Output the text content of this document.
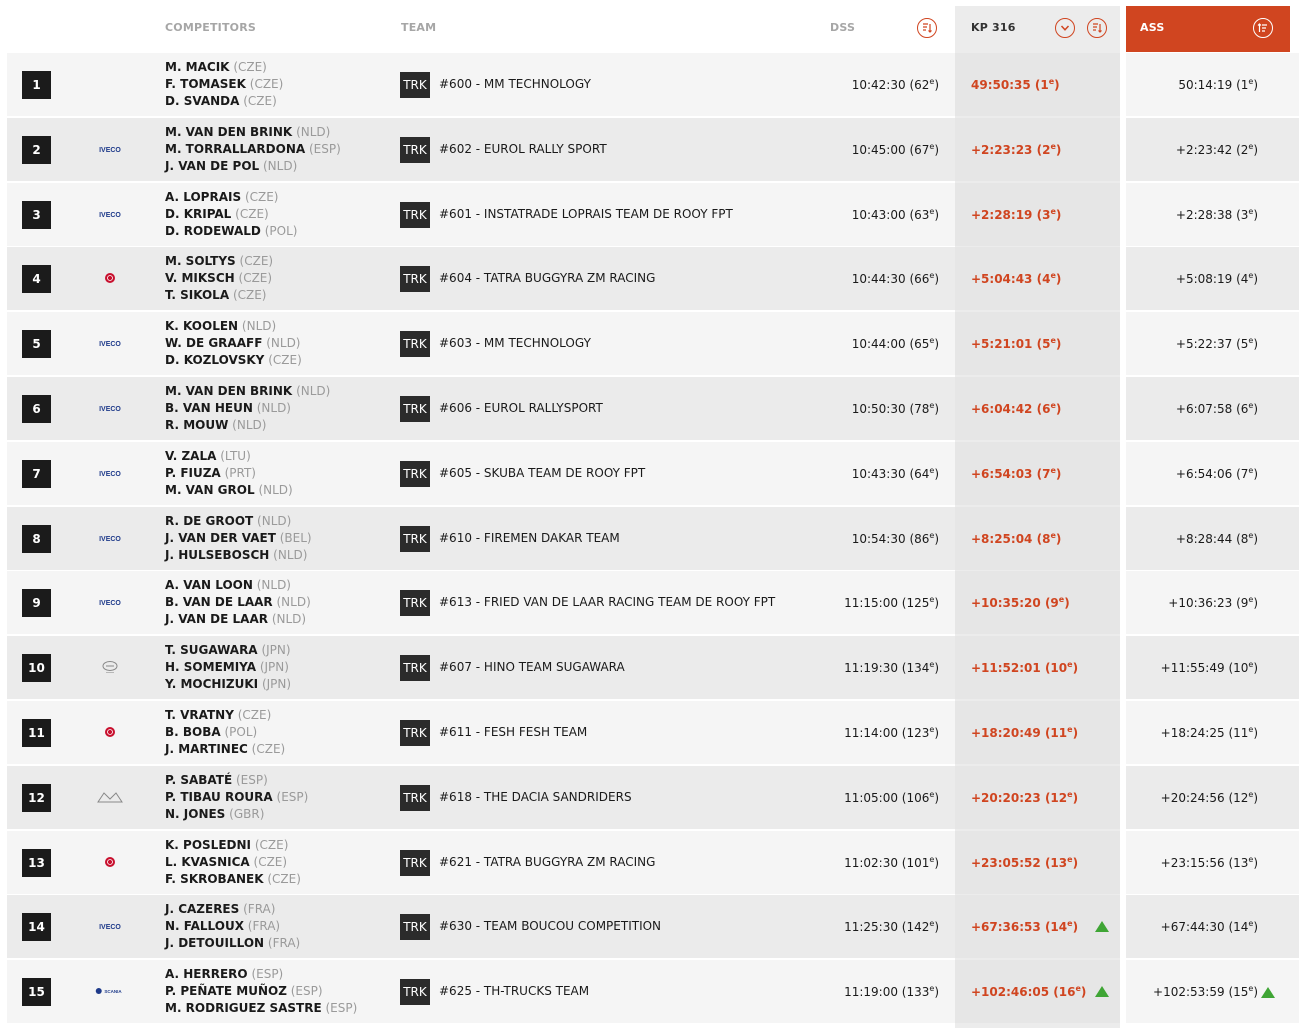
COMPETITORS	TEAM	DSS	KP 316	ASS
1
M. MACIK (CZE)
F. TOMASEK (CZE)
D. SVANDA (CZE)
TRK #600 - MM TECHNOLOGY	10:42:30 (62e)	49:50:35 (1e)	50:14:19 (1e)
2	IVECO
M. VAN DEN BRINK (NLD)
M. TORRALLARDONA (ESP)
J. VAN DE POL (NLD)
TRK #602 - EUROL RALLY SPORT	10:45:00 $(67^e)$	+2:23:23 $(2^e)$	+2:23:42 (2e)
3	IVECO
A. LOPRAIS (CZE)
D. KRIPAL (CZE)
D. RODEWALD (POL)
TRK #601 - INSTATRADE LOPRAIS TEAM DE ROOY FPT	10:43:00 $(63^e)$	+2:28:19 $(3^e)$	+2:28:38 (3e)
4
M. SOLTYS (CZE)
V. MIKSCH (CZE)
T. SIKOLA (CZE)
TRK #604 - TATRA BUGGYRA ZM RACING	10:44:30 $(66^e)$	+5:04:43 $(4^e)$	+5:08:19 (4e)
5	IVECO
K. KOOLEN (NLD)
W. DE GRAAFF (NLD)
D. KOZLOVSKY (CZE)
TRK #603 - MM TECHNOLOGY	10:44:00 $(65^e)$	+5:21:01 $(5^e)$	+5:22:37 (5e)
6	IVECO
M. VAN DEN BRINK (NLD)
B. VAN HEUN (NLD)
R. MOUW (NLD)
TRK #606 - EUROL RALLYSPORT	10:50:30 $(78^e)$	+6:04:42 $(6^e)$	+6:07:58 (6e)
7	IVECO
V. ZALA (LTU)
P. FIUZA (PRT)
M. VAN GROL (NLD)
TRK #605 - SKUBA TEAM DE ROOY FPT	10:43:30 $(64^e)$	+6:54:03 $(7^e)$	+6:54:06 (7e)
8	IVECO
R. DE GROOT (NLD)
J. VAN DER VAET (BEL)
J. HULSEBOSCH (NLD)
TRK #610 - FIREMEN DAKAR TEAM	10:54:30 $(86^e)$	+8:25:04 $(8^e)$	+8:28:44 (8e)
9	IVECO
A. VAN LOON (NLD)
B. VAN DE LAAR (NLD)
J. VAN DE LAAR (NLD)
TRK #613 - FRIED VAN DE LAAR RACING TEAM DE ROOY FPT	11:15:00 $(125^e)$	+10:35:20 $(9^e)$	+10:36:23 (9e)
10
T. SUGAWARA (JPN)
H. SOMEMIYA (JPN)
Y. MOCHIZUKI (JPN)
TRK #607 - HINO TEAM SUGAWARA	11:19:30 $(134^e)$	+11:52:01 $(10^e)$	+11:55:49 (10e)
11
T. VRATNY (CZE)
B. BOBA (POL)
J. MARTINEC (CZE)
TRK #611 - FESH FESH TEAM	11:14:00 $(123^e)$	+18:20:49 $(11^e)$	+18:24:25 (11e)
12
P. SABATÉ (ESP)
P. TIBAU ROURA (ESP)
N. JONES (GBR)
TRK #618 - THE DACIA SANDRIDERS	11:05:00 $(106^e)$	+20:20:23 $(12^e)$	+20:24:56 (12e)
13
K. POSLEDNI (CZE)
L. KVASNICA (CZE)
F. SKROBANEK (CZE)
TRK #621 - TATRA BUGGYRA ZM RACING	11:02:30 $(101^e)$	+23:05:52 $(13^e)$	+23:15:56 (13e)
14	IVECO
J. CAZERES (FRA)
N. FALLOUX (FRA)
J. DETOUILLON (FRA)
TRK #630 - TEAM BOUCOU COMPETITION	11:25:30 $(142^e)$	+67:36:53 $(14^e)$	+67:44:30 (14e)
15	SCANIA
A. HERRERO (ESP)
P. PEÑATE MUÑOZ (ESP)
M. RODRIGUEZ SASTRE (ESP)
TRK #625 - TH-TRUCKS TEAM	11:19:00 $(133^e)$	+102:46:05 $(16^e)$	+102:53:59 (15e)
